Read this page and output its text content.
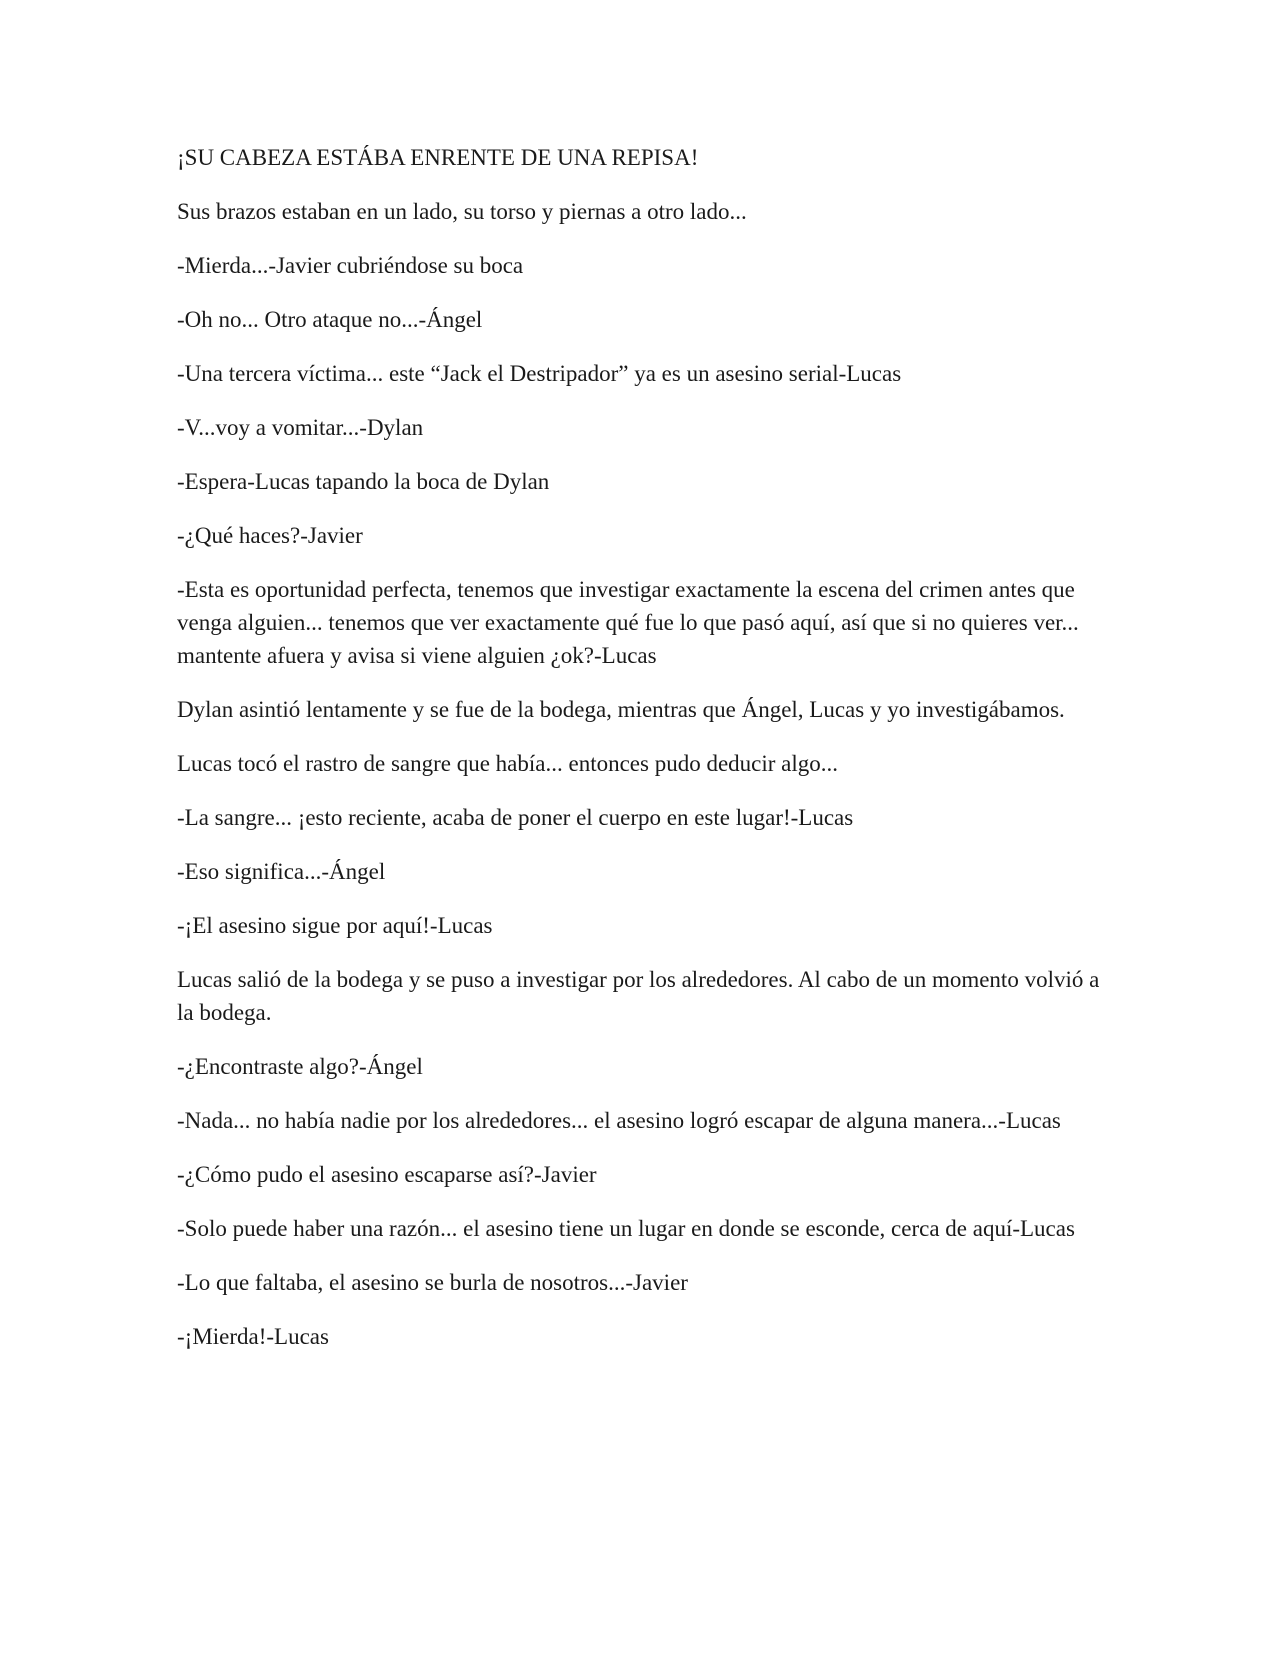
¡SU CABEZA ESTÁBA ENRENTE DE UNA REPISA!

Sus brazos estaban en un lado, su torso y piernas a otro lado...

-Mierda...-Javier cubriéndose su boca

-Oh no... Otro ataque no...-Ángel

-Una tercera víctima... este “Jack el Destripador” ya es un asesino serial-Lucas

-V...voy a vomitar...-Dylan

-Espera-Lucas tapando la boca de Dylan

-¿Qué haces?-Javier

-Esta es oportunidad perfecta, tenemos que investigar exactamente la escena del crimen antes que venga alguien... tenemos que ver exactamente qué fue lo que pasó aquí, así que si no quieres ver... mantente afuera y avisa si viene alguien ¿ok?-Lucas

Dylan asintió lentamente y se fue de la bodega, mientras que Ángel, Lucas y yo investigábamos.

Lucas tocó el rastro de sangre que había... entonces pudo deducir algo...

-La sangre... ¡esto reciente, acaba de poner el cuerpo en este lugar!-Lucas

-Eso significa...-Ángel

-¡El asesino sigue por aquí!-Lucas

Lucas salió de la bodega y se puso a investigar por los alrededores. Al cabo de un momento volvió a la bodega.

-¿Encontraste algo?-Ángel

-Nada... no había nadie por los alrededores... el asesino logró escapar de alguna manera...-Lucas

-¿Cómo pudo el asesino escaparse así?-Javier

-Solo puede haber una razón... el asesino tiene un lugar en donde se esconde, cerca de aquí-Lucas

-Lo que faltaba, el asesino se burla de nosotros...-Javier

-¡Mierda!-Lucas
